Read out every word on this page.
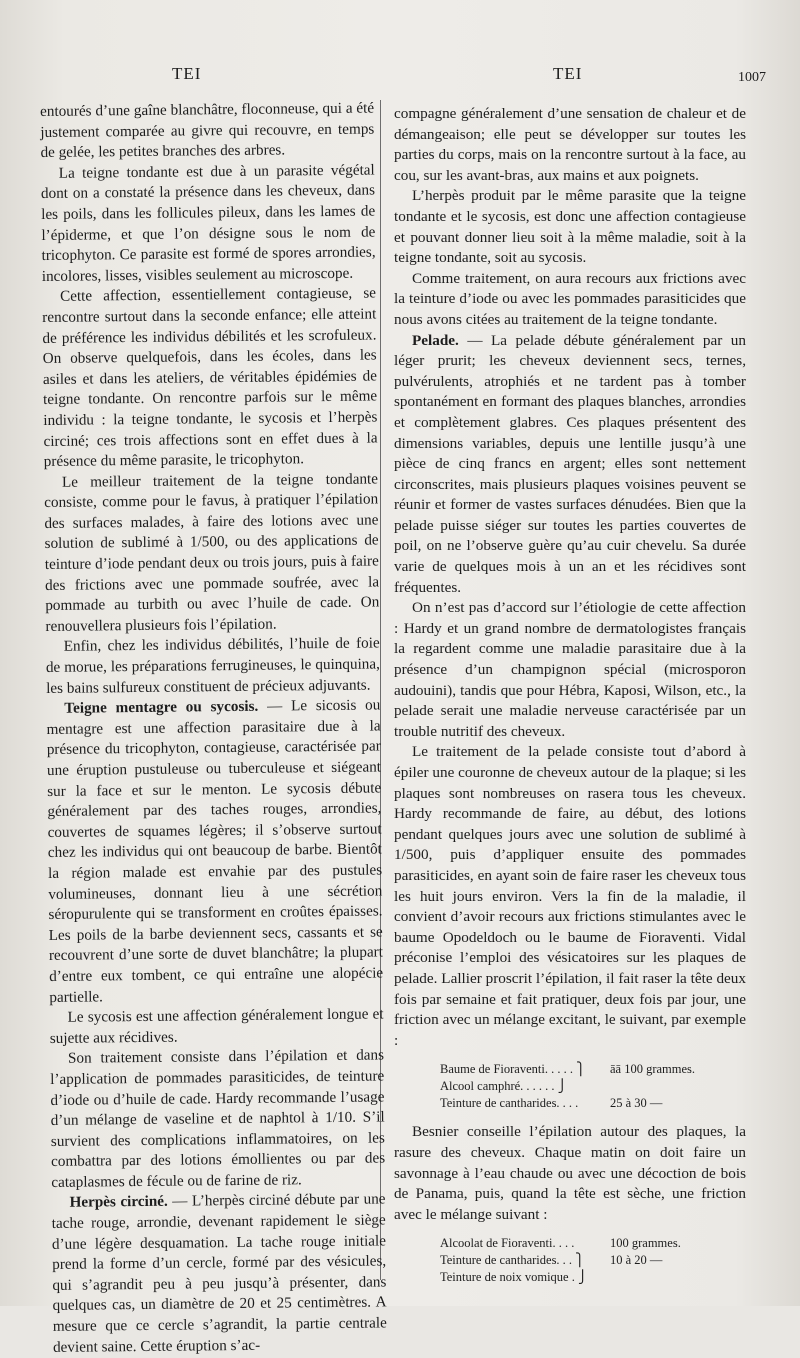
TEI	TEI	1007

entourés d’une gaîne blanchâtre, floconneuse, qui a été justement comparée au givre qui recouvre, en temps de gelée, les petites branches des arbres.

La teigne tondante est due à un parasite végétal dont on a constaté la présence dans les cheveux, dans les poils, dans les follicules pileux, dans les lames de l’épiderme, et que l’on désigne sous le nom de tricophyton. Ce parasite est formé de spores arrondies, incolores, lisses, visibles seulement au microscope.

Cette affection, essentiellement contagieuse, se rencontre surtout dans la seconde enfance; elle atteint de préférence les individus débilités et les scrofuleux. On observe quelquefois, dans les écoles, dans les asiles et dans les ateliers, de véritables épidémies de teigne tondante. On rencontre parfois sur le même individu : la teigne tondante, le sycosis et l’herpès circiné; ces trois affections sont en effet dues à la présence du même parasite, le tricophyton.

Le meilleur traitement de la teigne tondante consiste, comme pour le favus, à pratiquer l’épilation des surfaces malades, à faire des lotions avec une solution de sublimé à 1/500, ou des applications de teinture d’iode pendant deux ou trois jours, puis à faire des frictions avec une pommade soufrée, avec la pommade au turbith ou avec l’huile de cade. On renouvellera plusieurs fois l’épilation.

Enfin, chez les individus débilités, l’huile de foie de morue, les préparations ferrugineuses, le quinquina, les bains sulfureux constituent de précieux adjuvants.

Teigne mentagre ou sycosis. — Le sicosis ou mentagre est une affection parasitaire due à la présence du tricophyton, contagieuse, caractérisée par une éruption pustuleuse ou tuberculeuse et siégeant sur la face et sur le menton. Le sycosis débute généralement par des taches rouges, arrondies, couvertes de squames légères; il s’observe surtout chez les individus qui ont beaucoup de barbe. Bientôt la région malade est envahie par des pustules volumineuses, donnant lieu à une sécrétion séropurulente qui se transforment en croûtes épaisses. Les poils de la barbe deviennent secs, cassants et se recouvrent d’une sorte de duvet blanchâtre; la plupart d’entre eux tombent, ce qui entraîne une alopécie partielle.

Le sycosis est une affection généralement longue et sujette aux récidives.

Son traitement consiste dans l’épilation et dans l’application de pommades parasiticides, de teinture d’iode ou d’huile de cade. Hardy recommande l’usage d’un mélange de vaseline et de naphtol à 1/10. S’il survient des complications inflammatoires, on les combattra par des lotions émollientes ou par des cataplasmes de fécule ou de farine de riz.

Herpès circiné. — L’herpès circiné débute par une tache rouge, arrondie, devenant rapidement le siège d’une légère desquamation. La tache rouge initiale prend la forme d’un cercle, formé par des vésicules, qui s’agrandit peu à peu jusqu’à présenter, dans quelques cas, un diamètre de 20 et 25 centimètres. A mesure que ce cercle s’agrandit, la partie centrale devient saine. Cette éruption s’ac-

compagne généralement d’une sensation de chaleur et de démangeaison; elle peut se développer sur toutes les parties du corps, mais on la rencontre surtout à la face, au cou, sur les avant-bras, aux mains et aux poignets.

L’herpès produit par le même parasite que la teigne tondante et le sycosis, est donc une affection contagieuse et pouvant donner lieu soit à la même maladie, soit à la teigne tondante, soit au sycosis.

Comme traitement, on aura recours aux frictions avec la teinture d’iode ou avec les pommades parasiticides que nous avons citées au traitement de la teigne tondante.

Pelade. — La pelade débute généralement par un léger prurit; les cheveux deviennent secs, ternes, pulvérulents, atrophiés et ne tardent pas à tomber spontanément en formant des plaques blanches, arrondies et complètement glabres. Ces plaques présentent des dimensions variables, depuis une lentille jusqu’à une pièce de cinq francs en argent; elles sont nettement circonscrites, mais plusieurs plaques voisines peuvent se réunir et former de vastes surfaces dénudées. Bien que la pelade puisse siéger sur toutes les parties couvertes de poil, on ne l’observe guère qu’au cuir chevelu. Sa durée varie de quelques mois à un an et les récidives sont fréquentes.

On n’est pas d’accord sur l’étiologie de cette affection : Hardy et un grand nombre de dermatologistes français la regardent comme une maladie parasitaire due à la présence d’un champignon spécial (microsporon audouini), tandis que pour Hébra, Kaposi, Wilson, etc., la pelade serait une maladie nerveuse caractérisée par un trouble nutritif des cheveux.

Le traitement de la pelade consiste tout d’abord à épiler une couronne de cheveux autour de la plaque; si les plaques sont nombreuses on rasera tous les cheveux. Hardy recommande de faire, au début, des lotions pendant quelques jours avec une solution de sublimé à 1/500, puis d’appliquer ensuite des pommades parasiticides, en ayant soin de faire raser les cheveux tous les huit jours environ. Vers la fin de la maladie, il convient d’avoir recours aux frictions stimulantes avec le baume Opodeldoch ou le baume de Fioraventi. Vidal préconise l’emploi des vésicatoires sur les plaques de pelade. Lallier proscrit l’épilation, il fait raser la tête deux fois par semaine et fait pratiquer, deux fois par jour, une friction avec un mélange excitant, le suivant, par exemple :

Baume de Fioraventi. . . . . ⎫	āā 100 grammes.
Alcool camphré. . . . . . ⎭
Teinture de cantharides. . . .	25 à 30 —

Besnier conseille l’épilation autour des plaques, la rasure des cheveux. Chaque matin on doit faire un savonnage à l’eau chaude ou avec une décoction de bois de Panama, puis, quand la tête est sèche, une friction avec le mélange suivant :

Alcoolat de Fioraventi. . . .	100 grammes.
Teinture de cantharides. . . ⎫	10 à 20 —
Teinture de noix vomique . ⎭
